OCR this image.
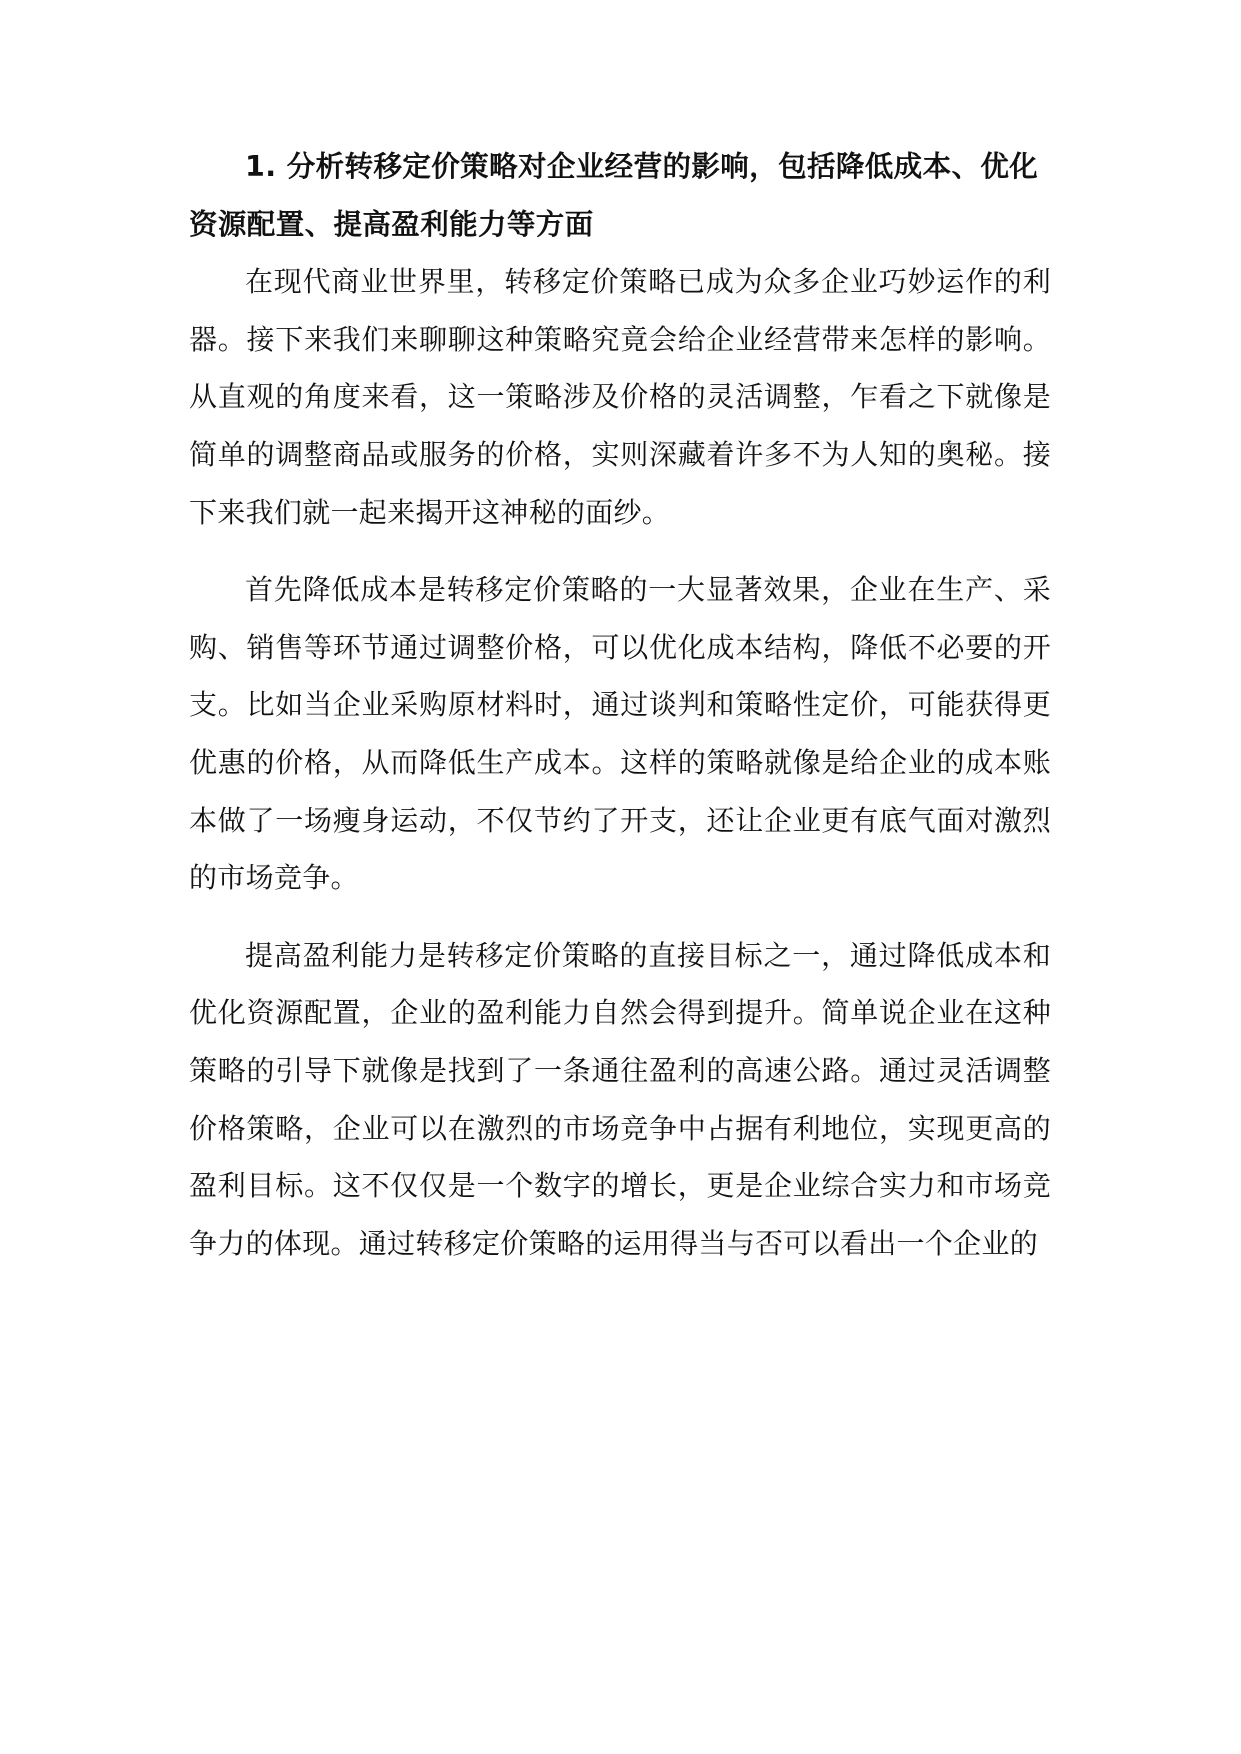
1. 分析转移定价策略对企业经营的影响，包括降低成本、优化资源配置、提高盈利能力等方面

在现代商业世界里，转移定价策略已成为众多企业巧妙运作的利器。接下来我们来聊聊这种策略究竟会给企业经营带来怎样的影响。从直观的角度来看，这一策略涉及价格的灵活调整，乍看之下就像是简单的调整商品或服务的价格，实则深藏着许多不为人知的奥秘。接下来我们就一起来揭开这神秘的面纱。

首先降低成本是转移定价策略的一大显著效果，企业在生产、采购、销售等环节通过调整价格，可以优化成本结构，降低不必要的开支。比如当企业采购原材料时，通过谈判和策略性定价，可能获得更优惠的价格，从而降低生产成本。这样的策略就像是给企业的成本账本做了一场瘦身运动，不仅节约了开支，还让企业更有底气面对激烈的市场竞争。

提高盈利能力是转移定价策略的直接目标之一，通过降低成本和优化资源配置，企业的盈利能力自然会得到提升。简单说企业在这种策略的引导下就像是找到了一条通往盈利的高速公路。通过灵活调整价格策略，企业可以在激烈的市场竞争中占据有利地位，实现更高的盈利目标。这不仅仅是一个数字的增长，更是企业综合实力和市场竞争力的体现。通过转移定价策略的运用得当与否可以看出一个企业的
